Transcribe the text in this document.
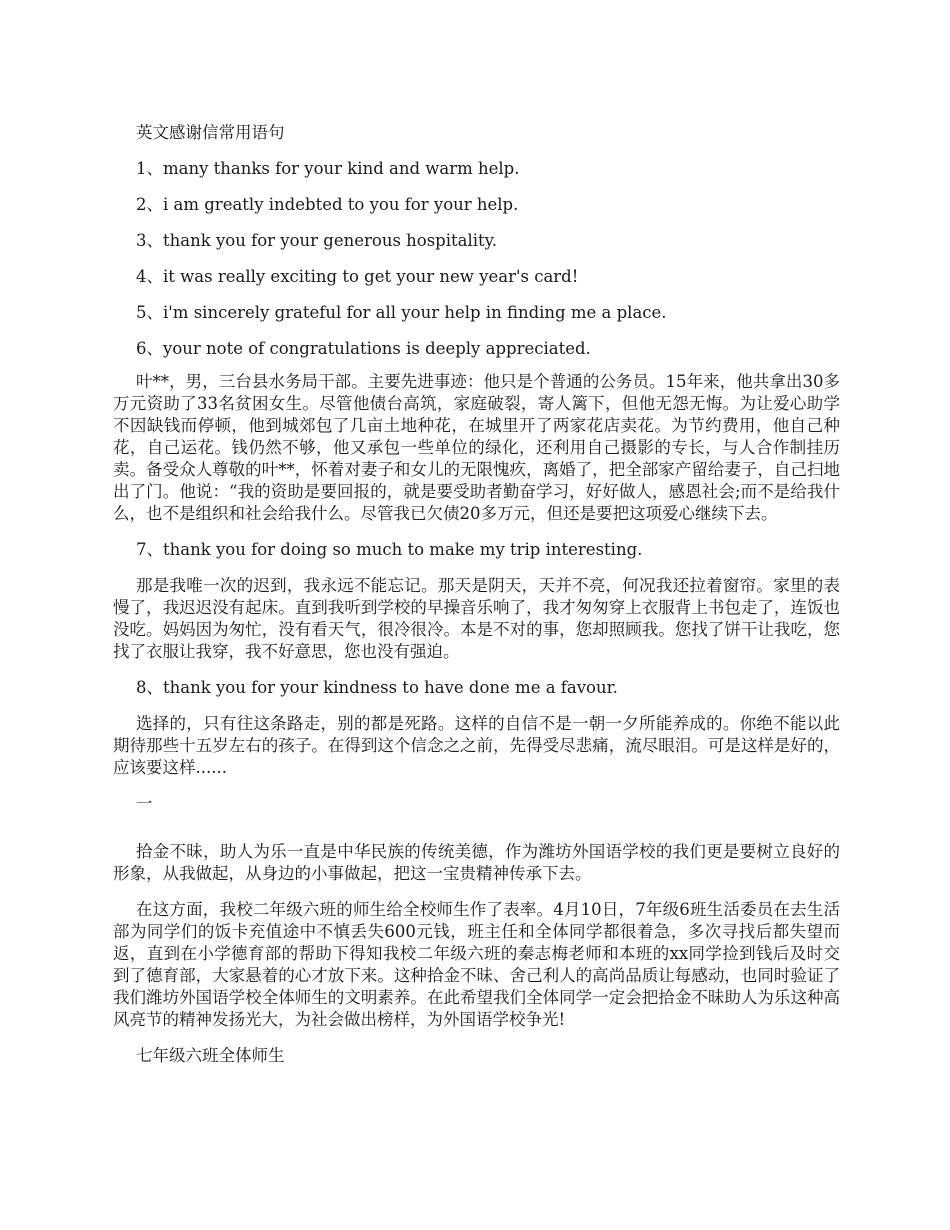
英文感谢信常用语句

1、many thanks for your kind and warm help.

2、i am greatly indebted to you for your help.

3、thank you for your generous hospitality.

4、it was really exciting to get your new year's card!

5、i'm sincerely grateful for all your help in finding me a place.

6、your note of congratulations is deeply appreciated.

叶**，男，三台县水务局干部。主要先进事迹：他只是个普通的公务员。15年来，他共拿出30多万元资助了33名贫困女生。尽管他债台高筑，家庭破裂，寄人篱下，但他无怨无悔。为让爱心助学不因缺钱而停顿，他到城郊包了几亩土地种花，在城里开了两家花店卖花。为节约费用，他自己种花，自己运花。钱仍然不够，他又承包一些单位的绿化，还利用自己摄影的专长，与人合作制挂历卖。备受众人尊敬的叶**，怀着对妻子和女儿的无限愧疚，离婚了，把全部家产留给妻子，自己扫地出了门。他说：“我的资助是要回报的，就是要受助者勤奋学习，好好做人，感恩社会;而不是给我什么，也不是组织和社会给我什么。尽管我已欠债20多万元，但还是要把这项爱心继续下去。

7、thank you for doing so much to make my trip interesting.

那是我唯一次的迟到，我永远不能忘记。那天是阴天，天并不亮，何况我还拉着窗帘。家里的表慢了，我迟迟没有起床。直到我听到学校的早操音乐响了，我才匆匆穿上衣服背上书包走了，连饭也没吃。妈妈因为匆忙，没有看天气，很冷很冷。本是不对的事，您却照顾我。您找了饼干让我吃，您找了衣服让我穿，我不好意思，您也没有强迫。

8、thank you for your kindness to have done me a favour.

选择的，只有往这条路走，别的都是死路。这样的自信不是一朝一夕所能养成的。你绝不能以此期待那些十五岁左右的孩子。在得到这个信念之之前，先得受尽悲痛，流尽眼泪。可是这样是好的，应该要这样......

一

拾金不昧，助人为乐一直是中华民族的传统美德，作为潍坊外国语学校的我们更是要树立良好的形象，从我做起，从身边的小事做起，把这一宝贵精神传承下去。

在这方面，我校二年级六班的师生给全校师生作了表率。4月10日，7年级6班生活委员在去生活部为同学们的饭卡充值途中不慎丢失600元钱，班主任和全体同学都很着急，多次寻找后都失望而返，直到在小学德育部的帮助下得知我校二年级六班的秦志梅老师和本班的xx同学捡到钱后及时交到了德育部，大家悬着的心才放下来。这种拾金不昧、舍己利人的高尚品质让每感动，也同时验证了我们潍坊外国语学校全体师生的文明素养。在此希望我们全体同学一定会把拾金不昧助人为乐这种高风亮节的精神发扬光大，为社会做出榜样，为外国语学校争光!

七年级六班全体师生
